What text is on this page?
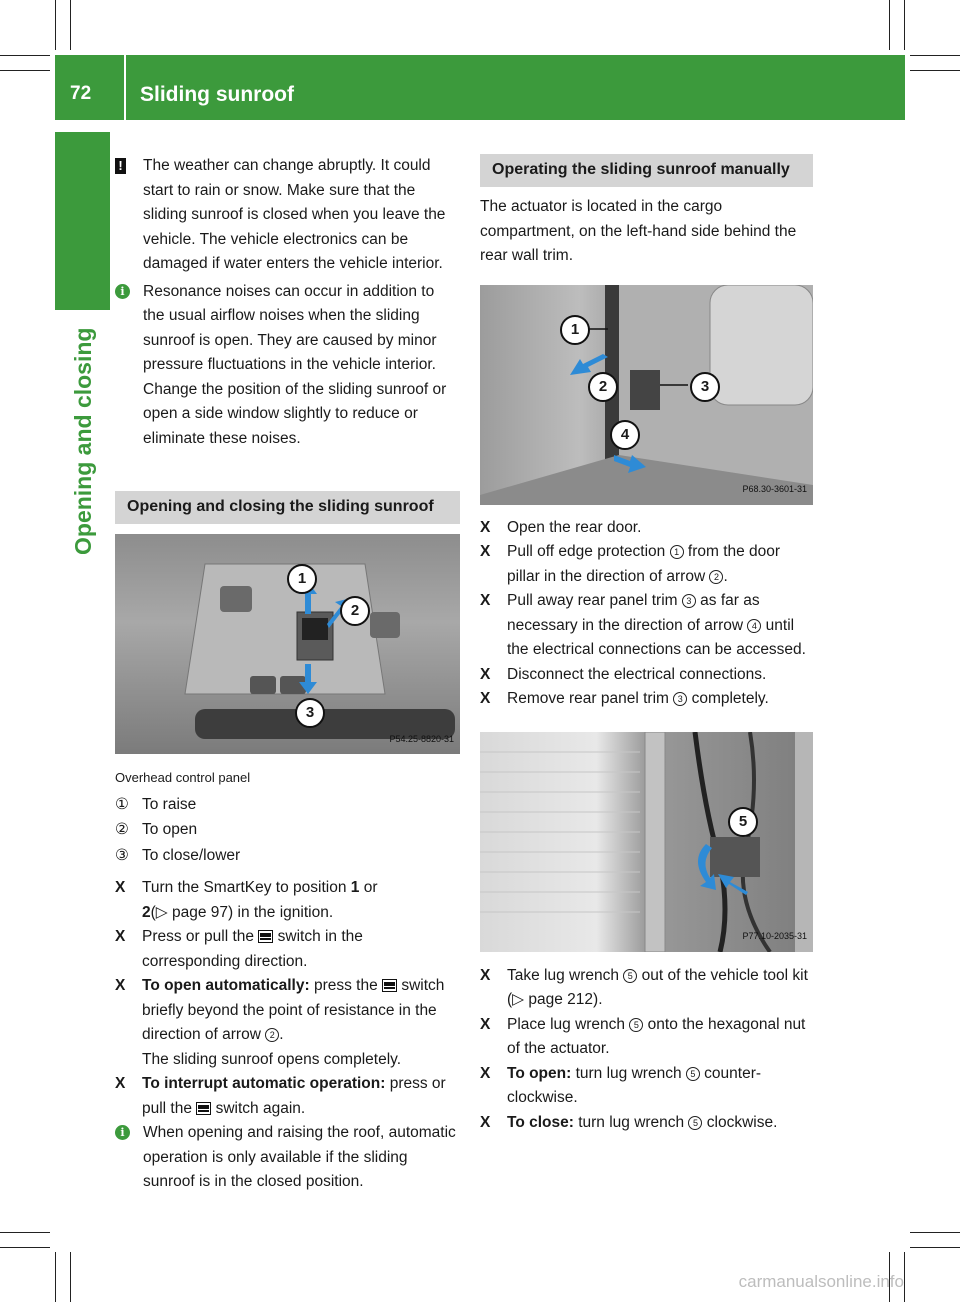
72	Sliding sunroof
Opening and closing
! The weather can change abruptly. It could start to rain or snow. Make sure that the sliding sunroof is closed when you leave the vehicle. The vehicle electronics can be damaged if water enters the vehicle interior.
i	Resonance noises can occur in addition to the usual airflow noises when the sliding sunroof is open. They are caused by minor pressure fluctuations in the vehicle interior. Change the position of the sliding sunroof or open a side window slightly to reduce or eliminate these noises.
Opening and closing the sliding sunroof
1
2
3
P54.25-8820-31
Overhead control panel
① To raise
② To open
③ To close/lower
X Turn the SmartKey to position 1 or
2(▷ page 97) in the ignition.
X Press or pull the  switch in the corresponding direction.
X To open automatically: press the  switch briefly beyond the point of resistance in the direction of arrow 2 .
The sliding sunroof opens completely.
X To interrupt automatic operation: press or pull the  switch again.
i	When opening and raising the roof, automatic operation is only available if the sliding sunroof is in the closed position.
Operating the sliding sunroof manually
The actuator is located in the cargo compartment, on the left-hand side behind the rear wall trim.
1
2	3
4
P68.30-3601-31
X Open the rear door.
X Pull off edge protection 1 from the door pillar in the direction of arrow 2 .
X Pull away rear panel trim 3 as far as necessary in the direction of arrow 4 until the electrical connections can be accessed.
X Disconnect the electrical connections.
X Remove rear panel trim 3 completely.
5
P77.10-2035-31
X Take lug wrench 5 out of the vehicle tool kit (▷ page 212).
X Place lug wrench 5 onto the hexagonal nut of the actuator.
X To open: turn lug wrench 5 counter-clockwise.
X To close: turn lug wrench 5 clockwise.
carmanualsonline.info
